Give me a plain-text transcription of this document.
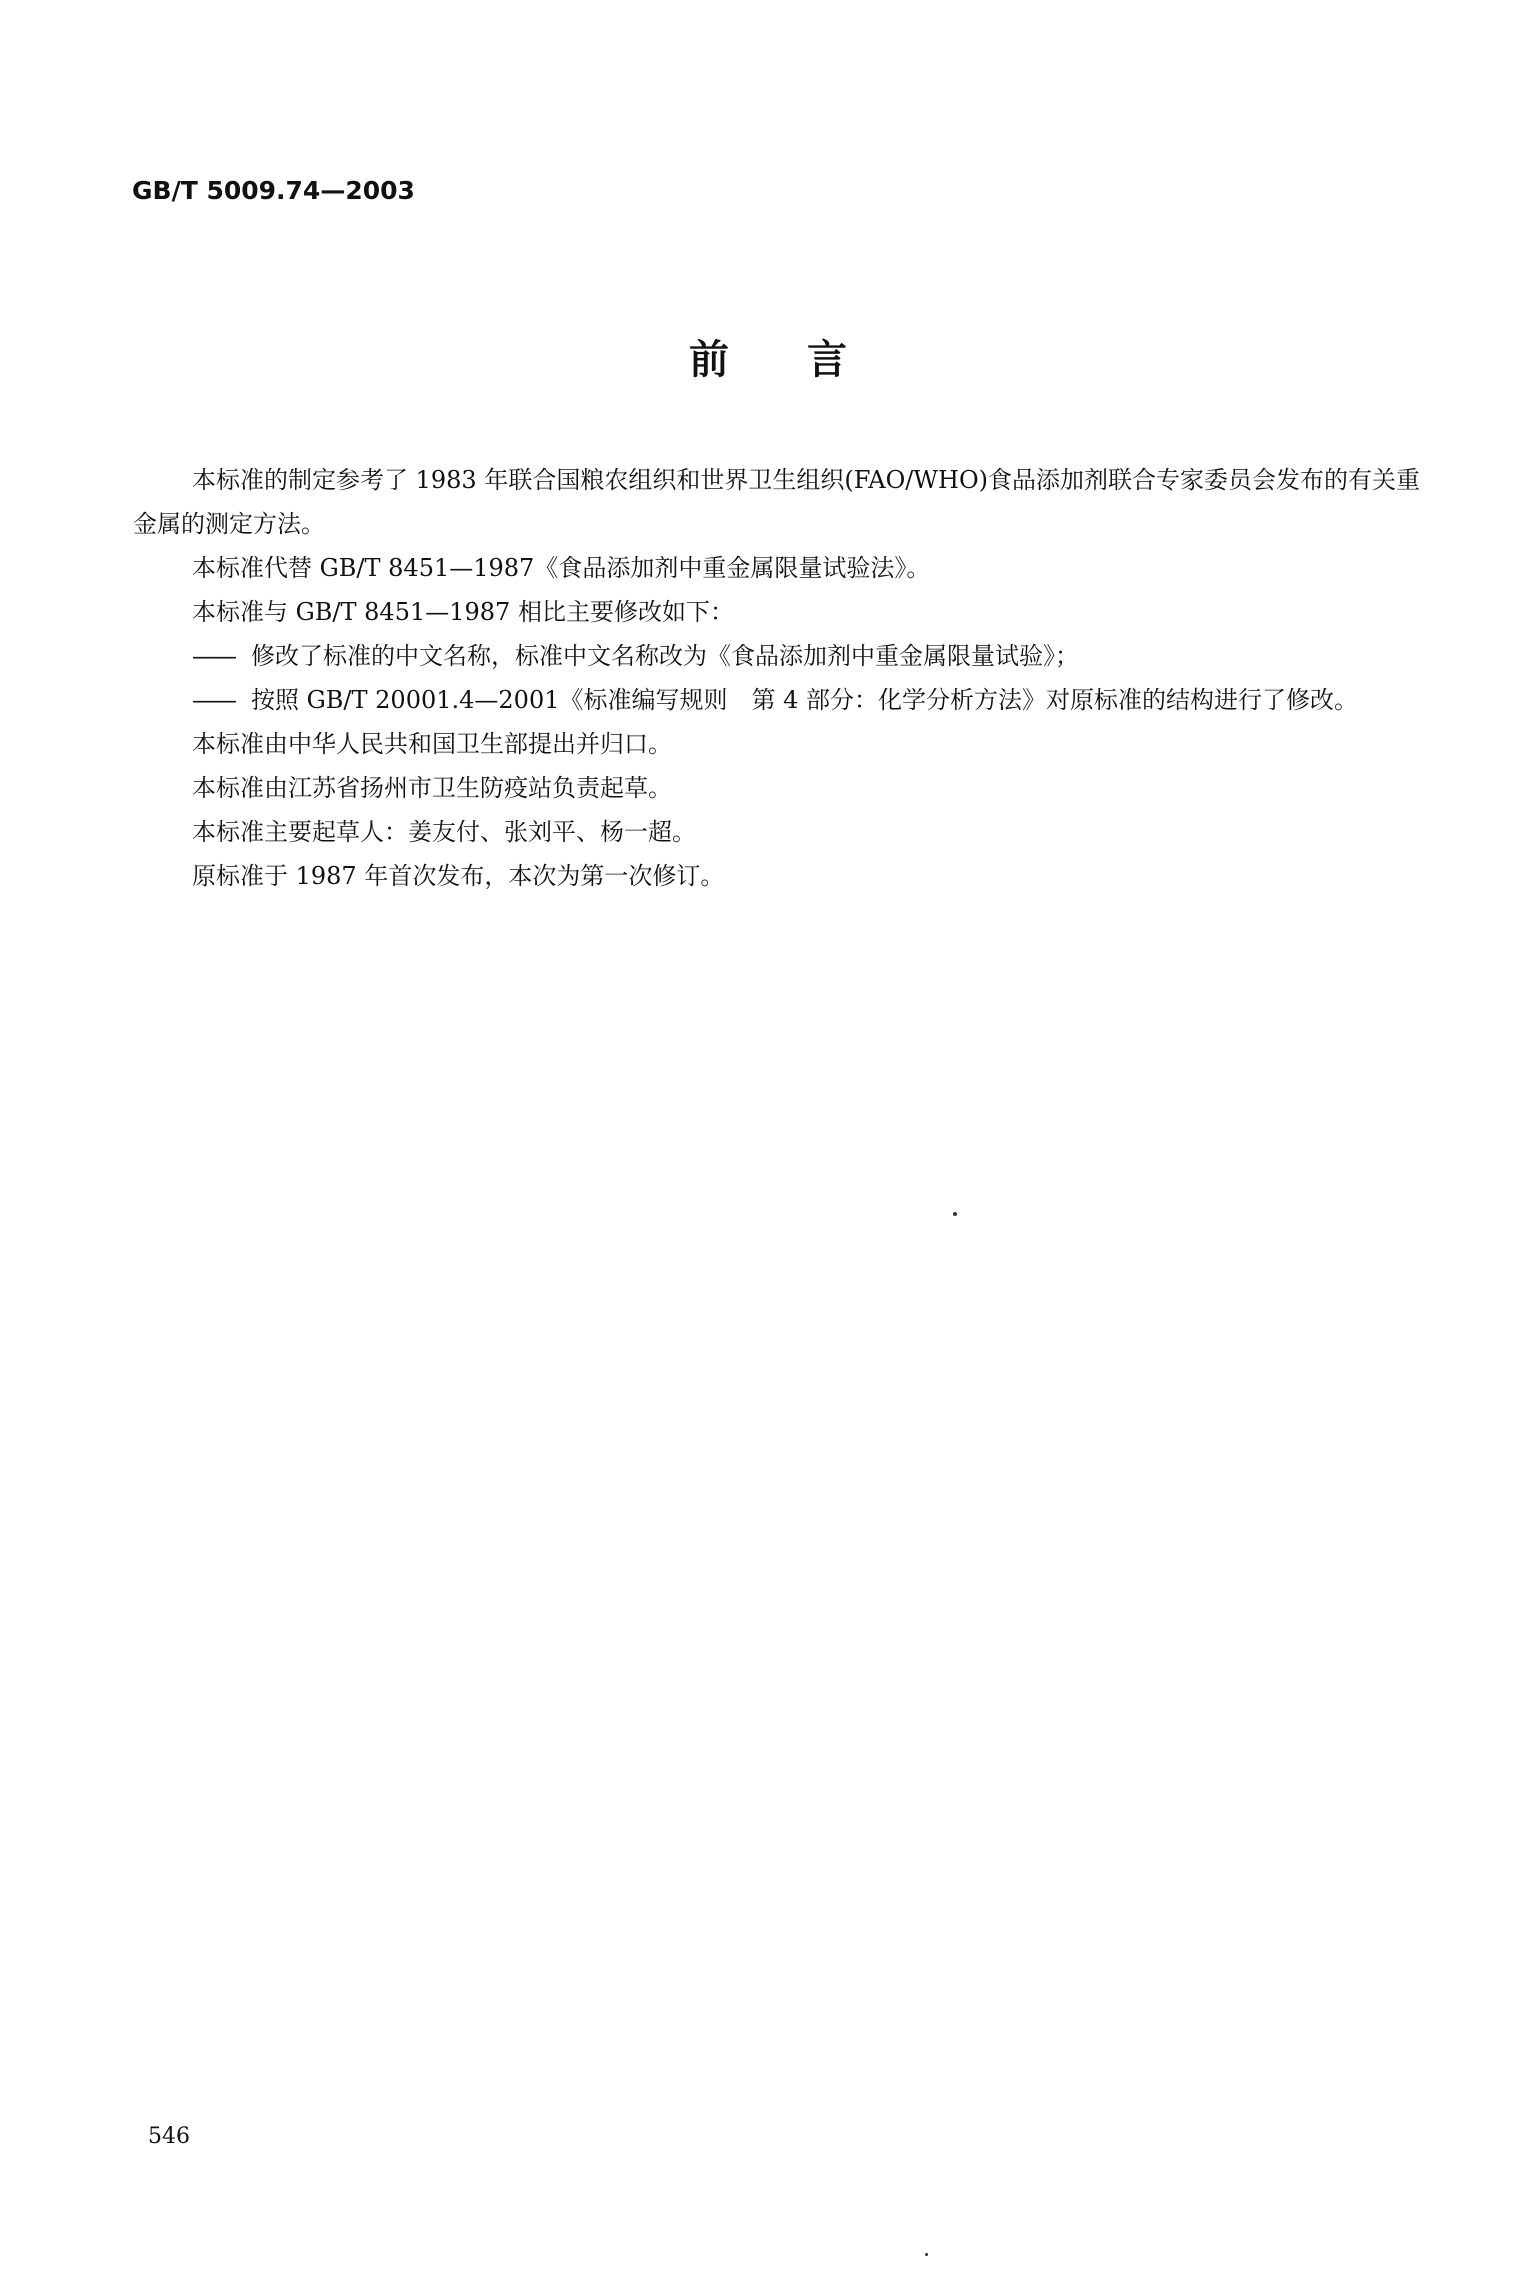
GB/T 5009.74—2003
前言

本标准的制定参考了 1983 年联合国粮农组织和世界卫生组织(FAO/WHO)食品添加剂联合专家委员会发布的有关重金属的测定方法。

本标准代替 GB/T 8451—1987《食品添加剂中重金属限量试验法》。

本标准与 GB/T 8451—1987 相比主要修改如下：

—— 修改了标准的中文名称，标准中文名称改为《食品添加剂中重金属限量试验》；
—— 按照 GB/T 20001.4—2001《标准编写规则　第 4 部分：化学分析方法》对原标准的结构进行了修改。

本标准由中华人民共和国卫生部提出并归口。

本标准由江苏省扬州市卫生防疫站负责起草。

本标准主要起草人：姜友付、张刘平、杨一超。

原标准于 1987 年首次发布，本次为第一次修订。

546
